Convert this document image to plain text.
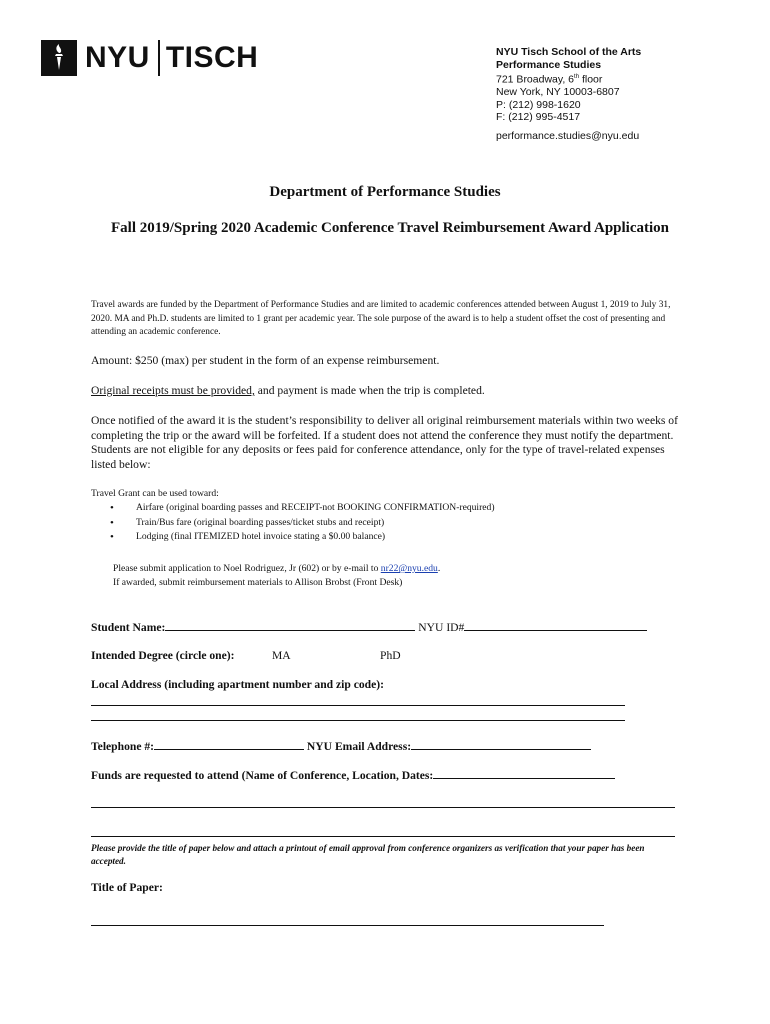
NYU TISCH	NYU Tisch School of the Arts
Performance Studies
721 Broadway, 6th floor
New York, NY 10003-6807
P: (212) 998-1620
F: (212) 995-4517
performance.studies@nyu.edu
Department of Performance Studies
Fall 2019/Spring 2020 Academic Conference Travel Reimbursement Award Application
Travel awards are funded by the Department of Performance Studies and are limited to academic conferences attended between August 1, 2019 to July 31, 2020. MA and Ph.D. students are limited to 1 grant per academic year. The sole purpose of the award is to help a student offset the cost of presenting and attending an academic conference.
Amount: $250 (max) per student in the form of an expense reimbursement.
Original receipts must be provided, and payment is made when the trip is completed.
Once notified of the award it is the student’s responsibility to deliver all original reimbursement materials within two weeks of completing the trip or the award will be forfeited. If a student does not attend the conference they must notify the department. Students are not eligible for any deposits or fees paid for conference attendance, only for the type of travel-related expenses listed below:
Travel Grant can be used toward:
• Airfare (original boarding passes and RECEIPT-not BOOKING CONFIRMATION-required)
• Train/Bus fare (original boarding passes/ticket stubs and receipt)
• Lodging (final ITEMIZED hotel invoice stating a $0.00 balance)
Please submit application to Noel Rodriguez, Jr (602) or by e-mail to nr22@nyu.edu.
If awarded, submit reimbursement materials to Allison Brobst (Front Desk)
Student Name:	NYU ID#
Intended Degree (circle one):	MA	PhD
Local Address (including apartment number and zip code):
Telephone #:	NYU Email Address:
Funds are requested to attend (Name of Conference, Location, Dates:
Please provide the title of paper below and attach a printout of email approval from conference organizers as verification that your paper has been accepted.
Title of Paper:
